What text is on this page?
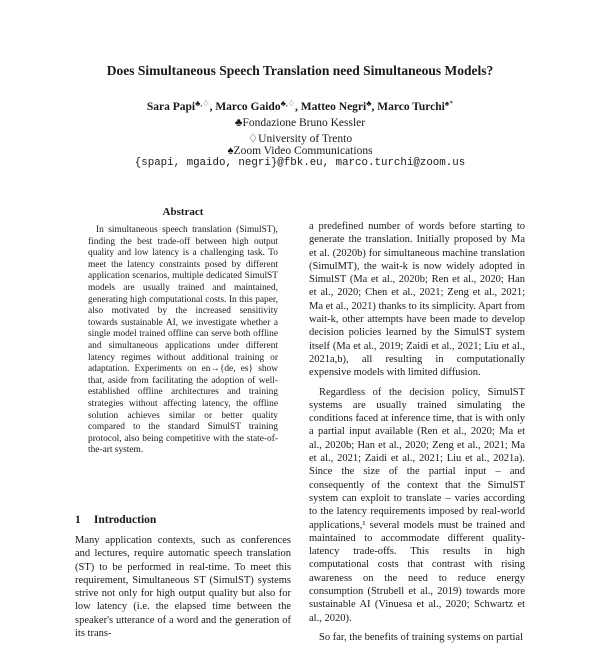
Does Simultaneous Speech Translation need Simultaneous Models?
Sara Papi♣,♢, Marco Gaido♣,♢, Matteo Negri♣, Marco Turchi♠*
♣Fondazione Bruno Kessler
♢University of Trento
♠Zoom Video Communications
{spapi, mgaido, negri}@fbk.eu, marco.turchi@zoom.us
Abstract

In simultaneous speech translation (SimulST), finding the best trade-off between high output quality and low latency is a challenging task. To meet the latency constraints posed by different application scenarios, multiple dedicated SimulST models are usually trained and maintained, generating high computational costs. In this paper, also motivated by the increased sensitivity towards sustainable AI, we investigate whether a single model trained offline can serve both offline and simultaneous applications under different latency regimes without additional training or adaptation. Experiments on en→{de, es} show that, aside from facilitating the adoption of well-established offline architectures and training strategies without affecting latency, the offline solution achieves similar or better quality compared to the standard SimulST training protocol, also being competitive with the state-of-the-art system.

1 Introduction

Many application contexts, such as conferences and lectures, require automatic speech translation (ST) to be performed in real-time. To meet this requirement, Simultaneous ST (SimulST) systems strive not only for high output quality but also for low latency (i.e. the elapsed time between the speaker's utterance of a word and the generation of its trans-

a predefined number of words before starting to generate the translation. Initially proposed by Ma et al. (2020b) for simultaneous machine translation (SimulMT), the wait-k is now widely adopted in SimulST (Ma et al., 2020b; Ren et al., 2020; Han et al., 2020; Chen et al., 2021; Zeng et al., 2021; Ma et al., 2021) thanks to its simplicity. Apart from wait-k, other attempts have been made to develop decision policies learned by the SimulST system itself (Ma et al., 2019; Zaidi et al., 2021; Liu et al., 2021a,b), all resulting in computationally expensive models with limited diffusion.

Regardless of the decision policy, SimulST systems are usually trained simulating the conditions faced at inference time, that is with only a partial input available (Ren et al., 2020; Ma et al., 2020b; Han et al., 2020; Zeng et al., 2021; Ma et al., 2021; Zaidi et al., 2021; Liu et al., 2021a). Since the size of the partial input – and consequently of the context that the SimulST system can exploit to translate – varies according to the latency requirements imposed by real-world applications,¹ several models must be trained and maintained to accommodate different quality-latency trade-offs. This results in high computational costs that contrast with rising awareness on the need to reduce energy consumption (Strubell et al., 2019) towards more sustainable AI (Vinuesa et al., 2020; Schwartz et al., 2020).

So far, the benefits of training systems on partial
